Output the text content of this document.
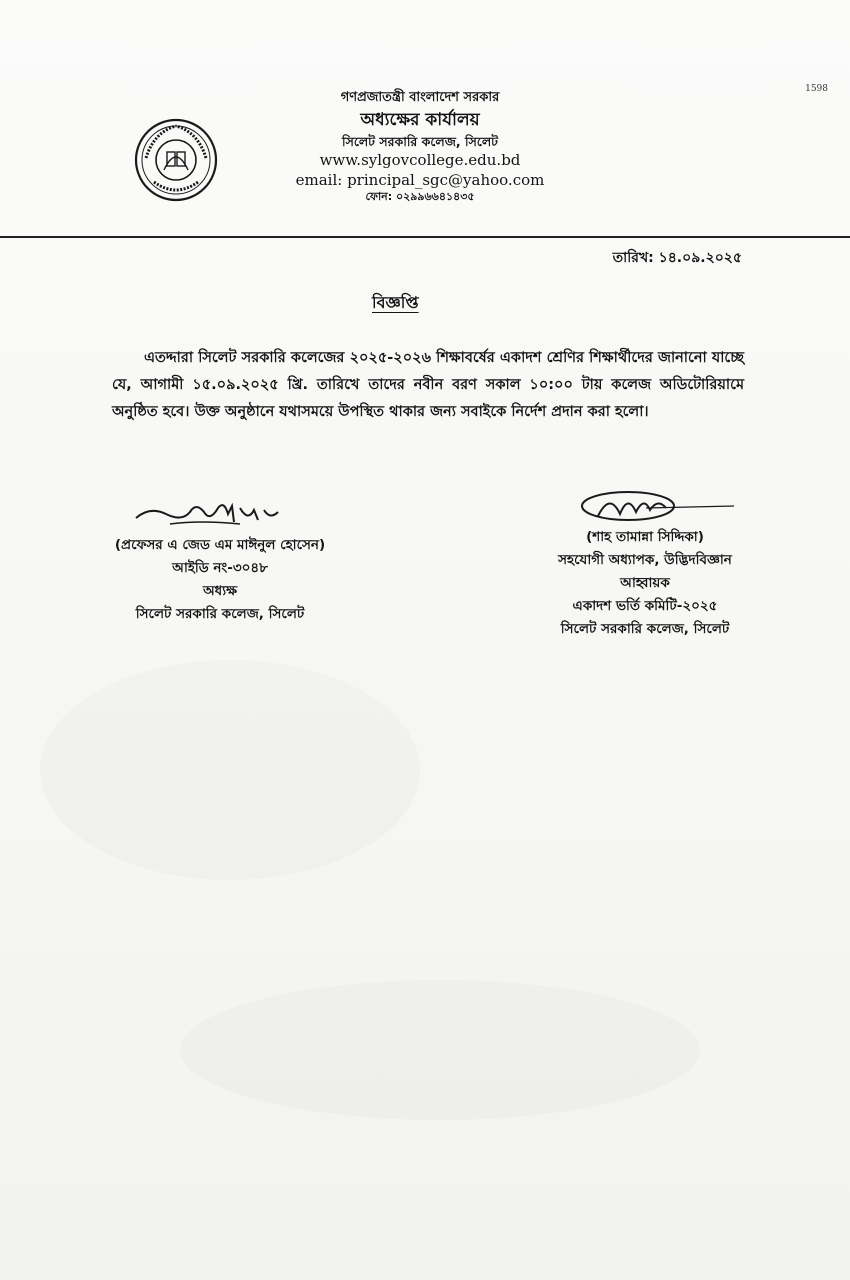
1598
গণপ্রজাতন্ত্রী বাংলাদেশ সরকার
অধ্যক্ষের কার্যালয়
সিলেট সরকারি কলেজ, সিলেট
www.sylgovcollege.edu.bd
email: principal_sgc@yahoo.com
ফোন: ০২৯৯৬৬৪১৪৩৫
তারিখ: ১৪.০৯.২০২৫
বিজ্ঞপ্তি
এতদ্দারা সিলেট সরকারি কলেজের ২০২৫-২০২৬ শিক্ষাবর্ষের একাদশ শ্রেণির শিক্ষার্থীদের জানানো যাচ্ছে যে, আগামী ১৫.০৯.২০২৫ খ্রি. তারিখে তাদের নবীন বরণ সকাল ১০:০০ টায় কলেজ অডিটোরিয়ামে অনুষ্ঠিত হবে। উক্ত অনুষ্ঠানে যথাসময়ে উপস্থিত থাকার জন্য সবাইকে নির্দেশ প্রদান করা হলো।
(প্রফেসর এ জেড এম মাঈনুল হোসেন)
আইডি নং-৩০৪৮
অধ্যক্ষ
সিলেট সরকারি কলেজ, সিলেট
(শাহ তামান্না সিদ্দিকা)
সহযোগী অধ্যাপক, উদ্ভিদবিজ্ঞান
আহ্বায়ক
একাদশ ভর্তি কমিটি-২০২৫
সিলেট সরকারি কলেজ, সিলেট
